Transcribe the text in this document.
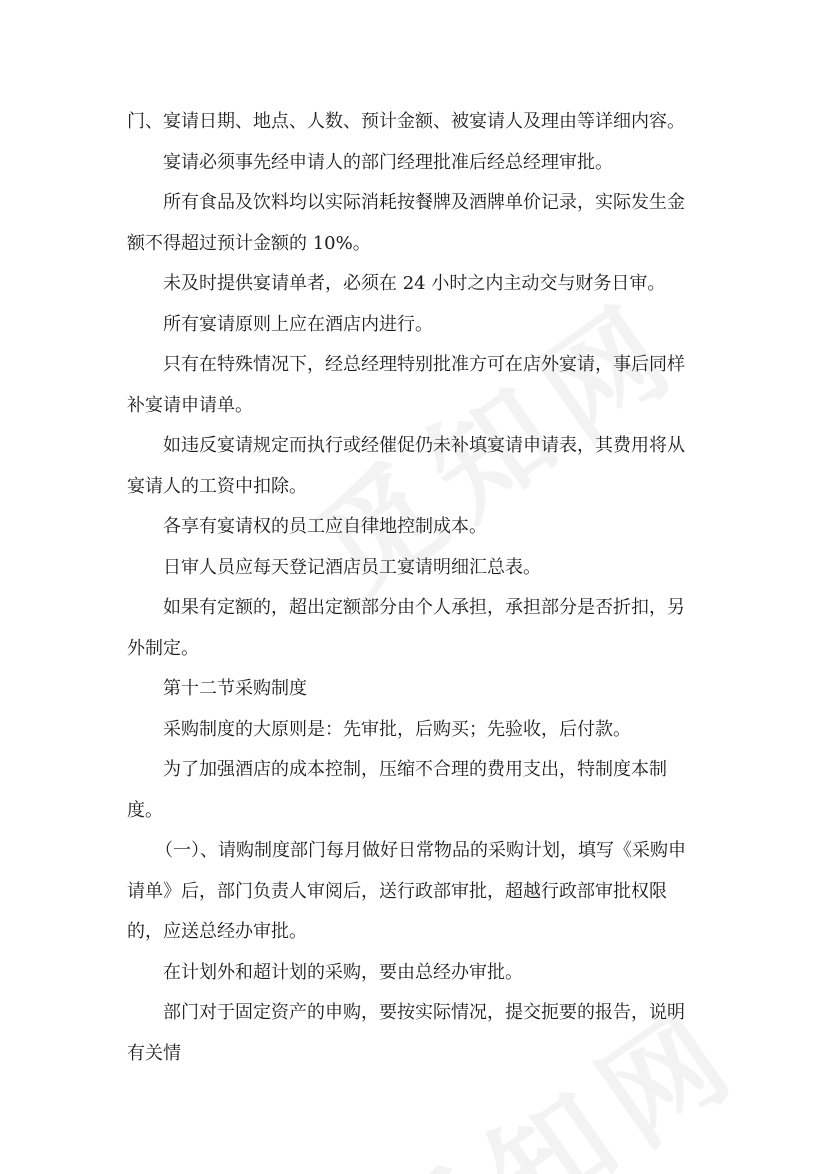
门、宴请日期、地点、人数、预计金额、被宴请人及理由等详细内容。

宴请必须事先经申请人的部门经理批准后经总经理审批。

所有食品及饮料均以实际消耗按餐牌及酒牌单价记录，实际发生金额不得超过预计金额的 10%。

未及时提供宴请单者，必须在 24 小时之内主动交与财务日审。

所有宴请原则上应在酒店内进行。

只有在特殊情况下，经总经理特别批准方可在店外宴请，事后同样补宴请申请单。

如违反宴请规定而执行或经催促仍未补填宴请申请表，其费用将从宴请人的工资中扣除。

各享有宴请权的员工应自律地控制成本。

日审人员应每天登记酒店员工宴请明细汇总表。

如果有定额的，超出定额部分由个人承担，承担部分是否折扣，另外制定。

第十二节采购制度

采购制度的大原则是：先审批，后购买；先验收，后付款。

为了加强酒店的成本控制，压缩不合理的费用支出，特制度本制度。

（一）、请购制度部门每月做好日常物品的采购计划，填写《采购申请单》后，部门负责人审阅后，送行政部审批，超越行政部审批权限的，应送总经办审批。

在计划外和超计划的采购，要由总经办审批。

部门对于固定资产的申购，要按实际情况，提交扼要的报告，说明有关情
